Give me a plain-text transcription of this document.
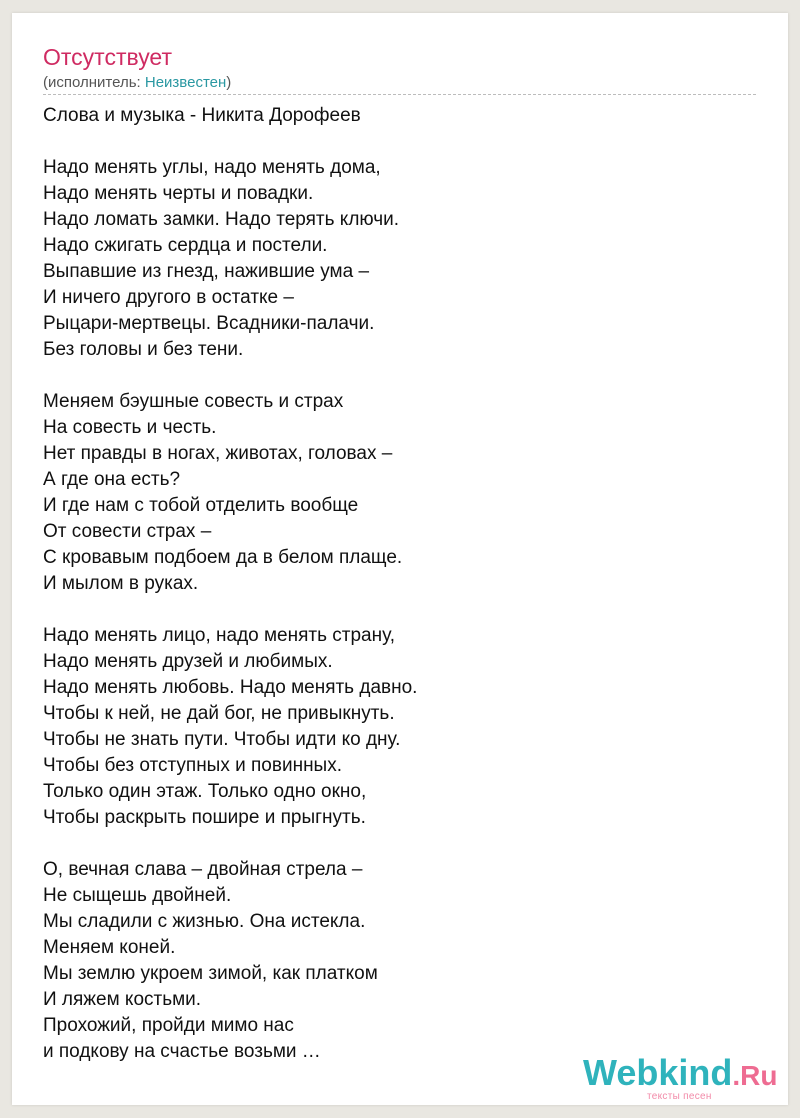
Отсутствует
(исполнитель: Неизвестен)
Слова и музыка - Никита Дорофеев
Надо менять углы, надо менять дома,
Надо менять черты и повадки.
Надо ломать замки. Надо терять ключи.
Надо сжигать сердца и постели.
Выпавшие из гнезд, нажившие ума –
И ничего другого в остатке –
Рыцари-мертвецы. Всадники-палачи.
Без головы и без тени.
Меняем бэушные совесть и страх
На совесть и честь.
Нет правды в ногах, животах, головах –
А где она есть?
И где нам с тобой отделить вообще
От совести страх –
С кровавым подбоем да в белом плаще.
И мылом в руках.
Надо менять лицо, надо менять страну,
Надо менять друзей и любимых.
Надо менять любовь. Надо менять давно.
Чтобы к ней, не дай бог, не привыкнуть.
Чтобы не знать пути. Чтобы идти ко дну.
Чтобы без отступных и повинных.
Только один этаж. Только одно окно,
Чтобы раскрыть пошире и прыгнуть.
О, вечная слава – двойная стрела –
Не сыщешь двойней.
Мы сладили с жизнью. Она истекла.
Меняем коней.
Мы землю укроем зимой, как платком
И ляжем костьми.
Прохожий, пройди мимо нас
и подкову на счастье возьми …
Webkind.Ru
тексты песен
